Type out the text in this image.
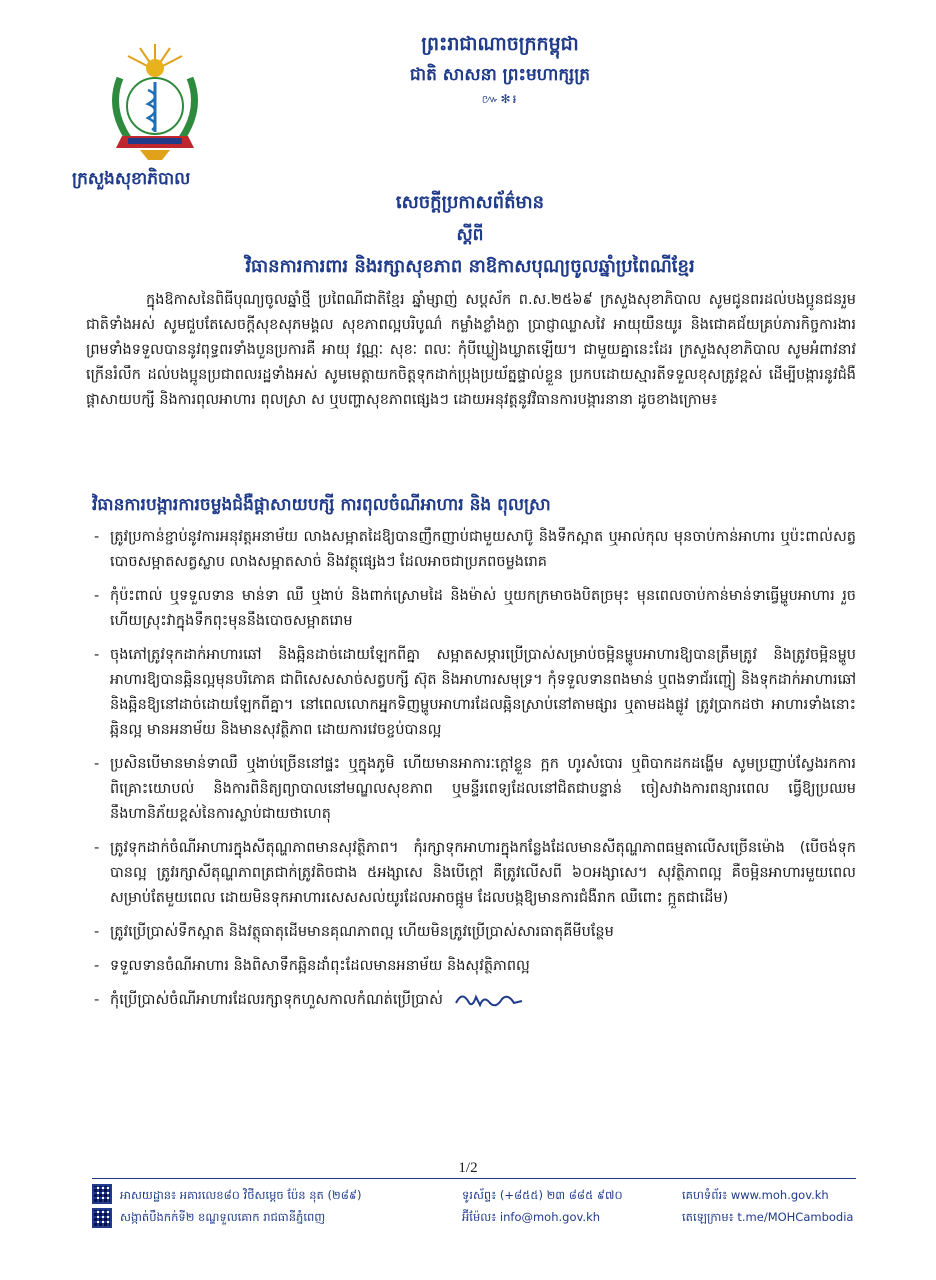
ក្រសួងសុខាភិបាល
ព្រះរាជាណាចក្រកម្ពុជា
ជាតិ សាសនា ព្រះមហាក្សត្រ
៚✻៛
សេចក្តីប្រកាសព័ត៌មាន
ស្តីពី
វិធានការការពារ និងរក្សាសុខភាព នាឱកាសបុណ្យចូលឆ្នាំប្រពៃណីខ្មែរ
ក្នុងឱកាសនៃពិធីបុណ្យចូលឆ្នាំថ្មី ប្រពៃណីជាតិខ្មែរ ឆ្នាំម្សាញ់ សប្តស័ក ព.ស.២៥៦៩ ក្រសួងសុខាភិបាល សូមជូនពរដល់បងប្អូនជនរួមជាតិទាំងអស់ សូមជួបតែសេចក្តីសុខសុភមង្គល សុខភាពល្អបរិបូណ៌ កម្លាំងខ្លាំងក្លា ប្រាជ្ញាឈ្លាសវៃ អាយុយឺនយូរ និងជោគជ័យគ្រប់ភារកិច្ចការងារ ព្រមទាំងទទួលបាននូវពុទ្ធពរទាំងបួនប្រការគឺ អាយុ វណ្ណៈ សុខៈ ពលៈ កុំបីឃ្លៀងឃ្លាតឡើយ។ ជាមួយគ្នានេះដែរ ក្រសួងសុខាភិបាល សូមអំពាវនាវក្រើនរំលឹក ដល់បងប្អូនប្រជាពលរដ្ឋទាំងអស់ សូមមេត្តាយកចិត្តទុកដាក់ប្រុងប្រយ័ត្នផ្ទាល់ខ្លួន ប្រកបដោយស្មារតីទទួលខុសត្រូវខ្ពស់ ដើម្បីបង្ការនូវជំងឺផ្តាសាយបក្សី និងការពុលអាហារ ពុលស្រា ស ឬបញ្ហាសុខភាពផ្សេងៗ ដោយអនុវត្តនូវវិធានការបង្ការនានា ដូចខាងក្រោម៖
វិធានការបង្ការការចម្លងជំងឺផ្តាសាយបក្សី ការពុលចំណីអាហារ និង ពុលស្រា
- ត្រូវប្រកាន់ខ្ជាប់នូវការអនុវត្តអនាម័យ លាងសម្អាតដៃឱ្យបានញឹកញាប់ជាមួយសាប៊ូ និងទឹកស្អាត ឬអាល់កុល មុនចាប់កាន់អាហារ ឬប៉ះពាល់សត្វ បោចសម្អាតសត្វស្លាប លាងសម្អាតសាច់ និងវត្ថុផ្សេងៗ ដែលអាចជាប្រភពចម្លងរោគ
- កុំប៉ះពាល់ ឬទទួលទាន មាន់ទា ឈឺ ឬងាប់ និងពាក់ស្រោមដៃ និងម៉ាស់ ឬយកក្រមាចងបិតច្រមុះ មុនពេលចាប់កាន់មាន់ទាធ្វើម្ហូបអាហារ រួចហើយស្រុះវាក្នុងទឹកពុះមុននឹងបោចសម្អាតរោម
- ចុងភៅត្រូវទុកដាក់អាហារឆៅ និងឆ្អិនដាច់ដោយឡែកពីគ្នា សម្អាតសម្ភារប្រើប្រាស់សម្រាប់ចម្អិនម្ហូបអាហារឱ្យបានត្រឹមត្រូវ និងត្រូវចម្អិនម្ហូបអាហារឱ្យបានឆ្អិនល្អមុនបរិភោគ ជាពិសេសសាច់សត្វបក្សី ស៊ុត និងអាហារសមុទ្រ។ កុំទទួលទានពងមាន់ ឬពងទាជ័រញ្ជៀ និងទុកដាក់អាហារឆៅ និងឆ្អិនឱ្យនៅដាច់ដោយឡែកពីគ្នា។ នៅពេលលោកអ្នកទិញម្ហូបអាហារដែលឆ្អិនស្រាប់នៅតាមផ្សារ ឬតាមដងផ្លូវ ត្រូវប្រាកដថា អាហារទាំងនោះឆ្អិនល្អ មានអនាម័យ និងមានសុវត្ថិភាព ដោយការវេចខ្ចប់បានល្អ
- ប្រសិនបើមានមាន់ទាឈឺ ឬងាប់ច្រើននៅផ្ទះ ឬក្នុងភូមិ ហើយមានអាការៈក្តៅខ្លួន ក្អក ហូរសំបោរ ឬពិបាកដកដង្ហើម សូមប្រញាប់ស្វែងរកការពិគ្រោះយោបល់ និងការពិនិត្យព្យាបាលនៅមណ្ឌលសុខភាព ឬមន្ទីរពេទ្យដែលនៅជិតជាបន្ទាន់ ចៀសវាងការពន្យារពេល ធ្វើឱ្យប្រឈមនឹងហានិភ័យខ្ពស់នៃការស្លាប់ជាយថាហេតុ
- ត្រូវទុកដាក់ចំណីអាហារក្នុងសីតុណ្ហភាពមានសុវត្ថិភាព។ កុំរក្សាទុកអាហារក្នុងកន្លែងដែលមានសីតុណ្ហភាពធម្មតាលើសច្រើនម៉ោង (បើចង់ទុកបានល្អ ត្រូវរក្សាសីតុណ្ហភាពត្រជាក់ត្រូវតិចជាង ៥អង្សាសេ និងបើក្តៅ គឺត្រូវលើសពី ៦០អង្សាសេ។ សុវត្ថិភាពល្អ គឺចម្អិនអាហារមួយពេលសម្រាប់តែមួយពេល ដោយមិនទុកអាហារសេសសល់យូរដែលអាចផ្អូម ដែលបង្កឱ្យមានការជំងឺរាក ឈឺពោះ ក្អួតជាដើម)
- ត្រូវប្រើប្រាស់ទឹកស្អាត និងវត្ថុធាតុដើមមានគុណភាពល្អ ហើយមិនត្រូវប្រើប្រាស់សារធាតុគីមីបន្ថែម
- ទទួលទានចំណីអាហារ និងពិសាទឹកឆ្អិនដាំពុះដែលមានអនាម័យ និងសុវត្ថិភាពល្អ
- កុំប្រើប្រាស់ចំណីអាហារដែលរក្សាទុកហួសកាលកំណត់ប្រើប្រាស់
1/2
អាសយដ្ឋាន៖ អគារលេខ៨០ វិថីសម្តេច ប៉ែន នុត (២៨៩)
សង្កាត់បឹងកក់ទី២ ខណ្ឌទួលគោក រាជធានីភ្នំពេញ
ទូរស័ព្ទ៖ (+៨៥៥) ២៣ ៨៨៥ ៩៧០
អ៊ីម៉ែល៖ info@moh.gov.kh
គេហទំព័រ៖ www.moh.gov.kh
តេឡេក្រាម៖ t.me/MOHCambodia
